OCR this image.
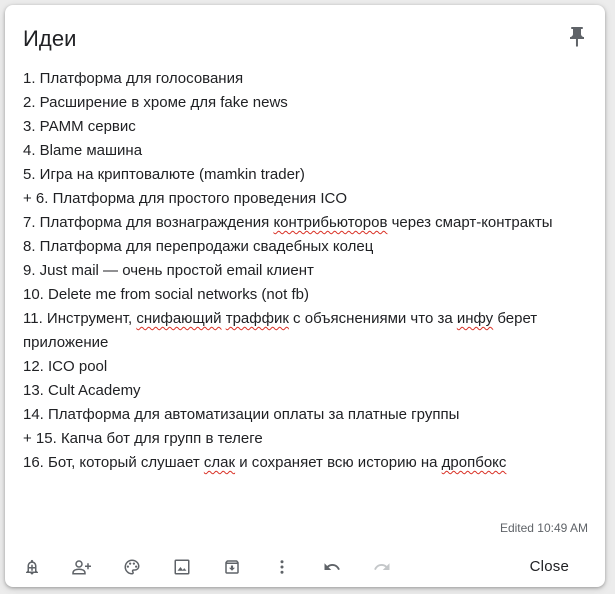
Идеи
1. Платформа для голосования
2. Расширение в хроме для fake news
3. PAMM сервис
4. Blame машина
5. Игра на криптовалюте (mamkin trader)
+ 6. Платформа для простого проведения ICO
7. Платформа для вознаграждения контрибьюторов через смарт-контракты
8. Платформа для перепродажи свадебных колец
9. Just mail — очень простой email клиент
10. Delete me from social networks (not fb)
11. Инструмент, снифающий траффик с объяснениями что за инфу берет приложение
12. ICO pool
13. Cult Academy
14. Платформа для автоматизации оплаты за платные группы
+ 15. Капча бот для групп в телеге
16. Бот, который слушает слак и сохраняет всю историю на дропбокс
Edited 10:49 AM
Close
